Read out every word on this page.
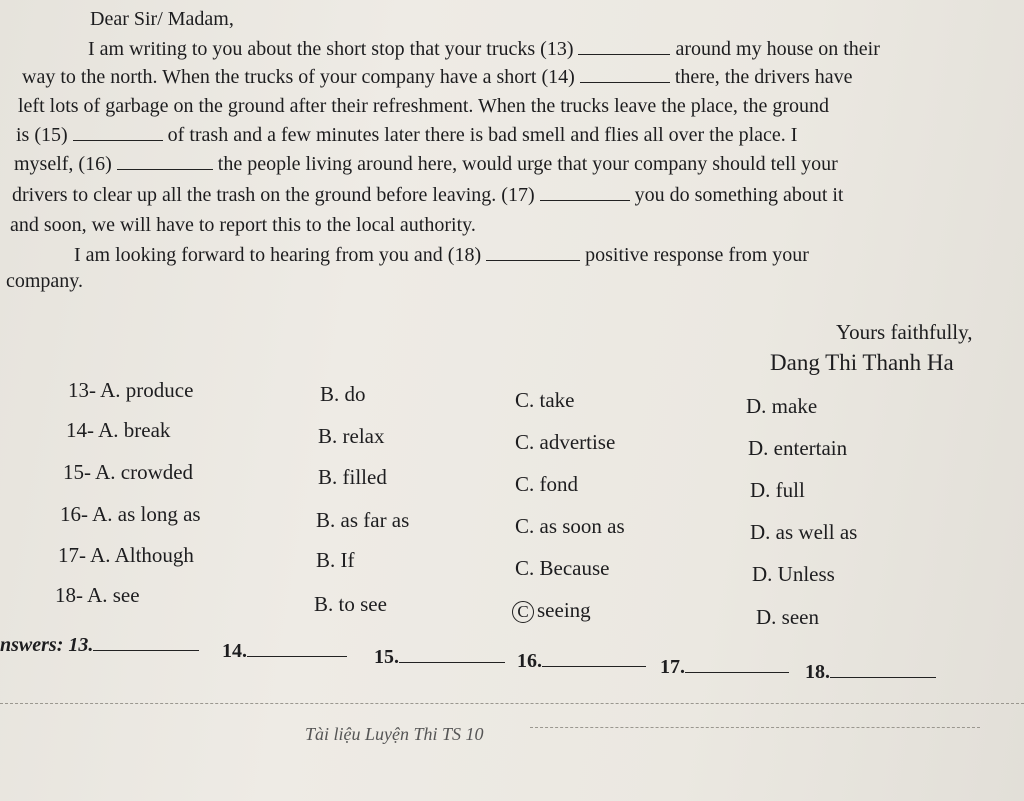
Dear Sir/ Madam,
I am writing to you about the short stop that your trucks (13)	around my house on their
way to the north. When the trucks of your company have a short (14)	there, the drivers have
left lots of garbage on the ground after their refreshment. When the trucks leave the place, the ground
is (15)	of trash and a few minutes later there is bad smell and flies all over the place. I
myself, (16)	the people living around here, would urge that your company should tell your
drivers to clear up all the trash on the ground before leaving. (17)	you do something about it
and soon, we will have to report this to the local authority.
I am looking forward to hearing from you and (18)	positive response from your
company.
Yours faithfully,
Dang Thi Thanh Ha
13- A. produce	B. do	C. take	D. make
14- A. break	B. relax	C. advertise	D. entertain
15- A. crowded	B. filled	C. fond	D. full
16- A. as long as	B. as far as	C. as soon as	D. as well as
17- A. Although	B. If	C. Because	D. Unless
18- A. see	B. to see	C seeing	D. seen
nswers: 13.	14.	15.	16.	17.	18.
Tài liệu Luyện Thi TS 10
